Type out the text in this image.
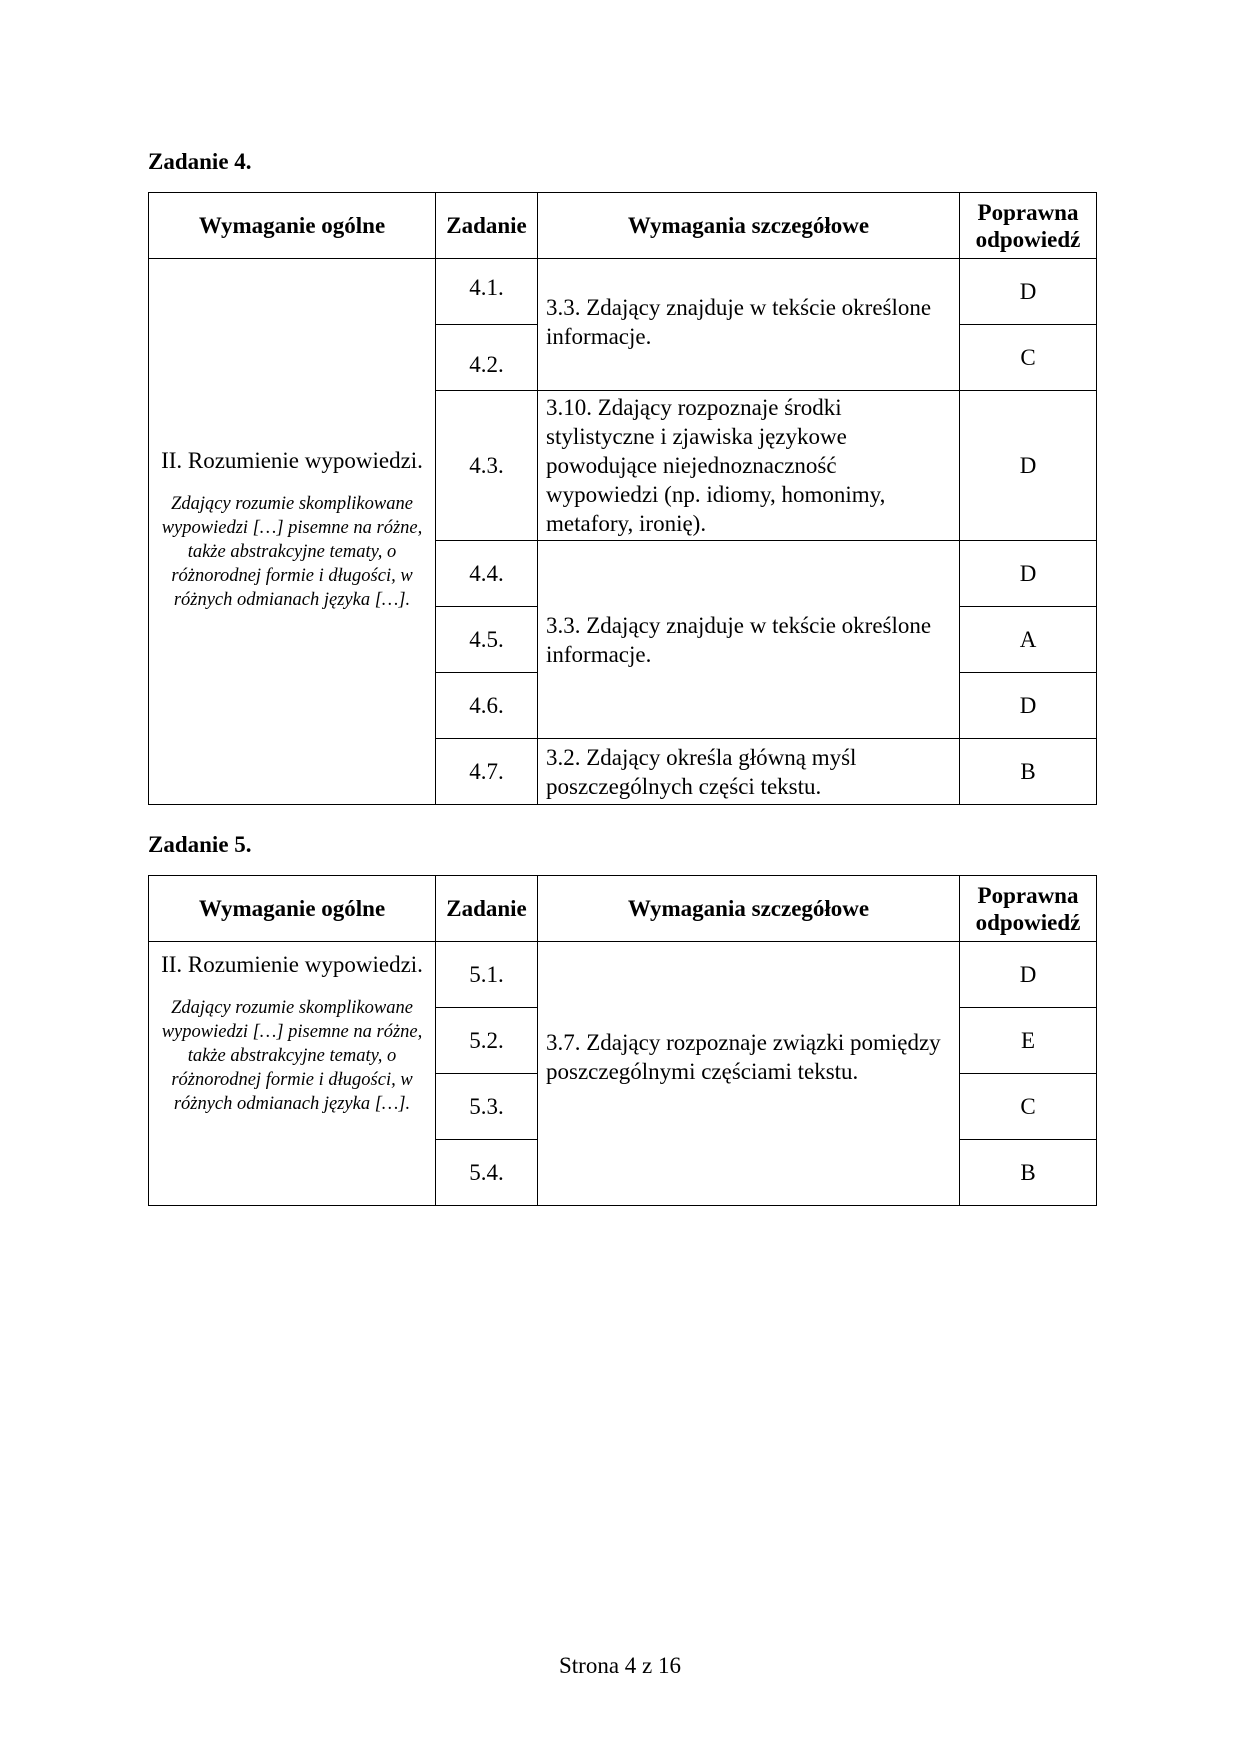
Zadanie 4.
Wymaganie ogólne	Zadanie	Wymagania szczegółowe	Poprawna
odpowiedź

II. Rozumienie wypowiedzi.
Zdający rozumie skomplikowane wypowiedzi […] pisemne na różne, także abstrakcyjne tematy, o różnorodnej formie i długości, w różnych odmianach języka […].	4.1.	3.3. Zdający znajduje w tekście określone informacje.	D
	4.2.		C
	4.3.	3.10. Zdający rozpoznaje środki stylistyczne i zjawiska językowe powodujące niejednoznaczność wypowiedzi (np. idiomy, homonimy, metafory, ironię).	D
	4.4.	3.3. Zdający znajduje w tekście określone informacje.	D
	4.5.		A
	4.6.		D
	4.7.	3.2. Zdający określa główną myśl poszczególnych części tekstu.	B
Zadanie 5.
Wymaganie ogólne	Zadanie	Wymagania szczegółowe	Poprawna
odpowiedź

II. Rozumienie wypowiedzi.
Zdający rozumie skomplikowane wypowiedzi […] pisemne na różne, także abstrakcyjne tematy, o różnorodnej formie i długości, w różnych odmianach języka […].	5.1.	3.7. Zdający rozpoznaje związki pomiędzy poszczególnymi częściami tekstu.	D
	5.2.		E
	5.3.		C
	5.4.		B
Strona 4 z 16
